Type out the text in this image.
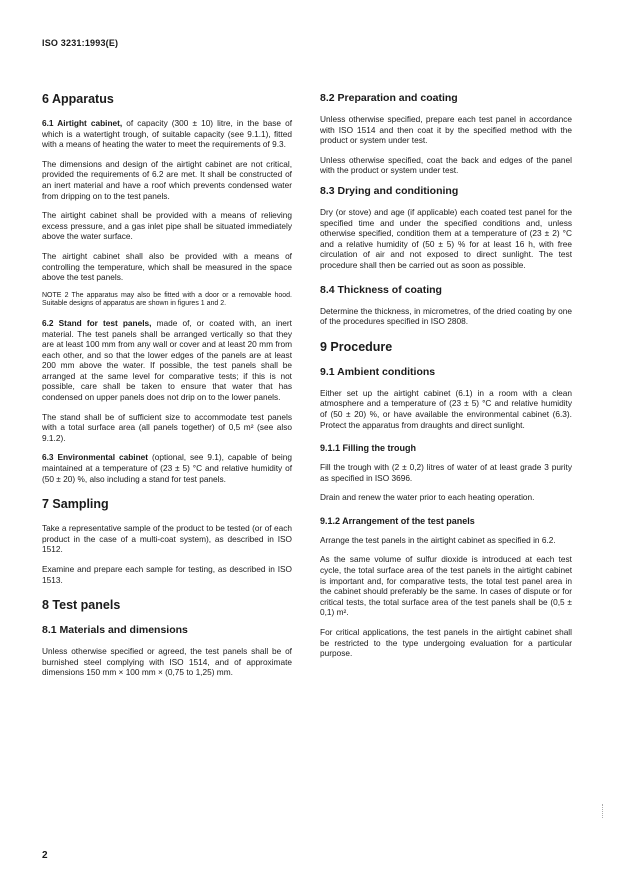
ISO 3231:1993(E)
6 Apparatus

6.1 Airtight cabinet, of capacity (300 ± 10) litre, in the base of which is a watertight trough, of suitable capacity (see 9.1.1), fitted with a means of heating the water to meet the requirements of 9.3.

The dimensions and design of the airtight cabinet are not critical, provided the requirements of 6.2 are met. It shall be constructed of an inert material and have a roof which prevents condensed water from dripping on to the test panels.

The airtight cabinet shall be provided with a means of relieving excess pressure, and a gas inlet pipe shall be situated immediately above the water surface.

The airtight cabinet shall also be provided with a means of controlling the temperature, which shall be measured in the space above the test panels.

NOTE 2 The apparatus may also be fitted with a door or a removable hood. Suitable designs of apparatus are shown in figures 1 and 2.

6.2 Stand for test panels, made of, or coated with, an inert material. The test panels shall be arranged vertically so that they are at least 100 mm from any wall or cover and at least 20 mm from each other, and so that the lower edges of the panels are at least 200 mm above the water. If possible, the test panels shall be arranged at the same level for comparative tests; if this is not possible, care shall be taken to ensure that water that has condensed on upper panels does not drip on to the lower panels.

The stand shall be of sufficient size to accommodate test panels with a total surface area (all panels together) of 0,5 m² (see also 9.1.2).

6.3 Environmental cabinet (optional, see 9.1), capable of being maintained at a temperature of (23 ± 5) °C and relative humidity of (50 ± 20) %, also including a stand for test panels.

7 Sampling

Take a representative sample of the product to be tested (or of each product in the case of a multi-coat system), as described in ISO 1512.

Examine and prepare each sample for testing, as described in ISO 1513.

8 Test panels
8.1 Materials and dimensions

Unless otherwise specified or agreed, the test panels shall be of burnished steel complying with ISO 1514, and of approximate dimensions 150 mm × 100 mm × (0,75 to 1,25) mm.

8.2 Preparation and coating

Unless otherwise specified, prepare each test panel in accordance with ISO 1514 and then coat it by the specified method with the product or system under test.

Unless otherwise specified, coat the back and edges of the panel with the product or system under test.

8.3 Drying and conditioning

Dry (or stove) and age (if applicable) each coated test panel for the specified time and under the specified conditions and, unless otherwise specified, condition them at a temperature of (23 ± 2) °C and a relative humidity of (50 ± 5) % for at least 16 h, with free circulation of air and not exposed to direct sunlight. The test procedure shall then be carried out as soon as possible.

8.4 Thickness of coating

Determine the thickness, in micrometres, of the dried coating by one of the procedures specified in ISO 2808.

9 Procedure
9.1 Ambient conditions

Either set up the airtight cabinet (6.1) in a room with a clean atmosphere and a temperature of (23 ± 5) °C and relative humidity of (50 ± 20) %, or have available the environmental cabinet (6.3). Protect the apparatus from draughts and direct sunlight.

9.1.1 Filling the trough

Fill the trough with (2 ± 0,2) litres of water of at least grade 3 purity as specified in ISO 3696.

Drain and renew the water prior to each heating operation.

9.1.2 Arrangement of the test panels

Arrange the test panels in the airtight cabinet as specified in 6.2.

As the same volume of sulfur dioxide is introduced at each test cycle, the total surface area of the test panels in the airtight cabinet is important and, for comparative tests, the total test panel area in the cabinet should preferably be the same. In cases of dispute or for critical tests, the total surface area of the test panels shall be (0,5 ± 0,1) m².

For critical applications, the test panels in the airtight cabinet shall be restricted to the type undergoing evaluation for a particular purpose.

2
